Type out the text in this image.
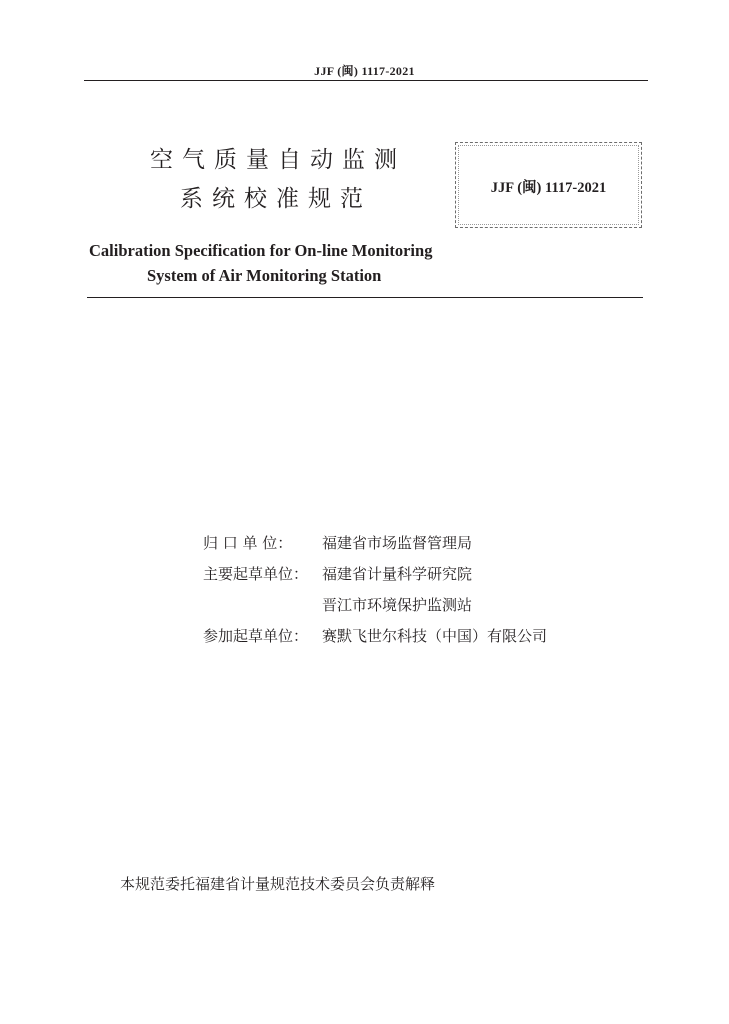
JJF (闽) 1117-2021
空气质量自动监测
系统校准规范	JJF (闽) 1117-2021
Calibration Specification for On-line Monitoring
System of Air Monitoring Station
归 口 单 位： 福建省市场监督管理局
主要起草单位： 福建省计量科学研究院
晋江市环境保护监测站
参加起草单位： 赛默飞世尔科技（中国）有限公司
本规范委托福建省计量规范技术委员会负责解释
